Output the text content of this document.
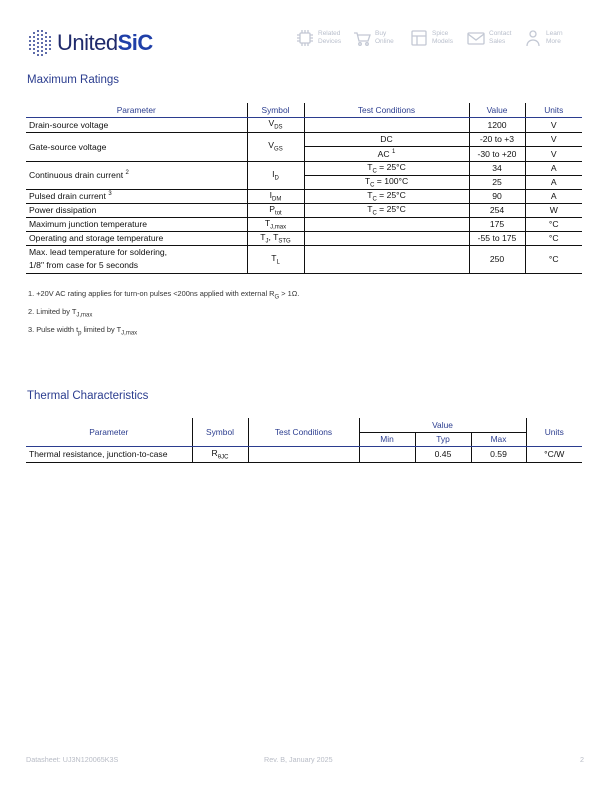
UnitedSiC	Related Devices
Buy Online
Spice Models
Contact Sales
Learn More
Maximum Ratings
Parameter	Symbol	Test Conditions	Value	Units
Drain-source voltage	$V_{DS}$		1200	V
Gate-source voltage	$V_{GS}$	DC	-20 to +3	V
		AC $^1$	-30 to +20	V
Continuous drain current $^2$	$I_D$	$T_C = 25^\circ C$	34	A
		$T_C = 100^\circ C$	25	A
Pulsed drain current $^3$	$I_{DM}$	$T_C = 25^\circ C$	90	A
Power dissipation	$P_{tot}$	$T_C = 25^\circ C$	254	W
Maximum junction temperature	$T_{J,max}$		175	°C
Operating and storage temperature	$T_J$, $T_{STG}$		-55 to 175	°C
Max. lead temperature for soldering,
1/8" from case for 5 seconds	$T_L$		250	°C
1. +20V AC rating applies for turn-on pulses <200ns applied with external $R_G > 1\Omega$.
2. Limited by $T_{J,max}$
3. Pulse width $t_p$ limited by $T_{J,max}$
Thermal Characteristics
Parameter	Symbol	Test Conditions	Value			Units
			Min	Typ	Max	
Thermal resistance, junction-to-case	$R_{\theta JC}$			0.45	0.59	°C/W
Datasheet: UJ3N120065K3S	Rev. B, January 2025	2
